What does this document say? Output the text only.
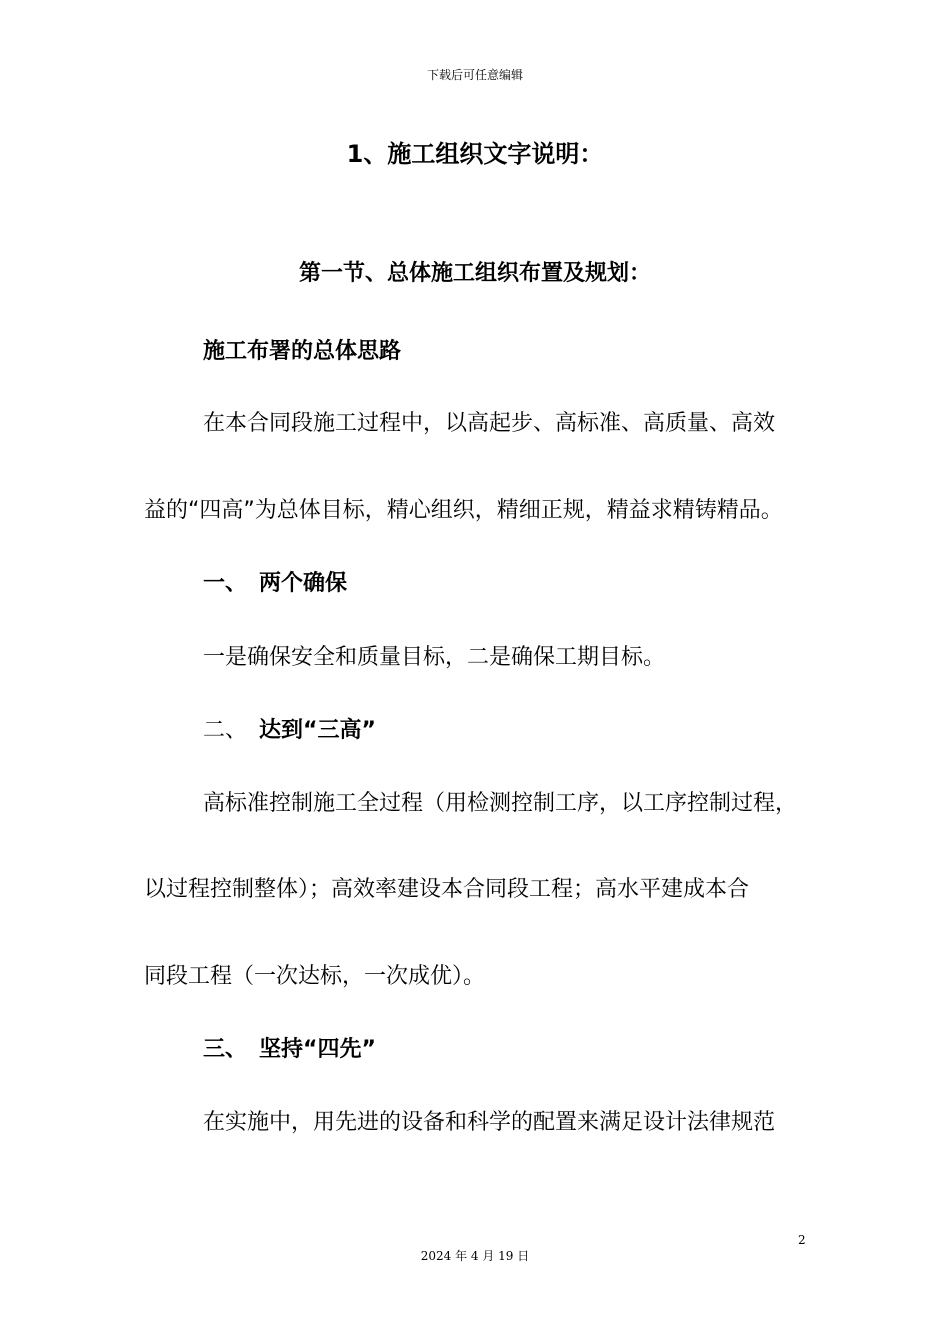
下载后可任意编辑
1、施工组织文字说明：
第一节、总体施工组织布置及规划：
施工布署的总体思路
在本合同段施工过程中，以高起步、高标准、高质量、高效
益的“四高”为总体目标，精心组织，精细正规，精益求精铸精品。
一、 两个确保
一是确保安全和质量目标，二是确保工期目标。
二、 达到“三高”
高标准控制施工全过程（用检测控制工序，以工序控制过程，
以过程控制整体）；高效率建设本合同段工程；高水平建成本合
同段工程（一次达标，一次成优）。
三、 坚持“四先”
在实施中，用先进的设备和科学的配置来满足设计法律规范
2
2024 年 4 月 19 日
